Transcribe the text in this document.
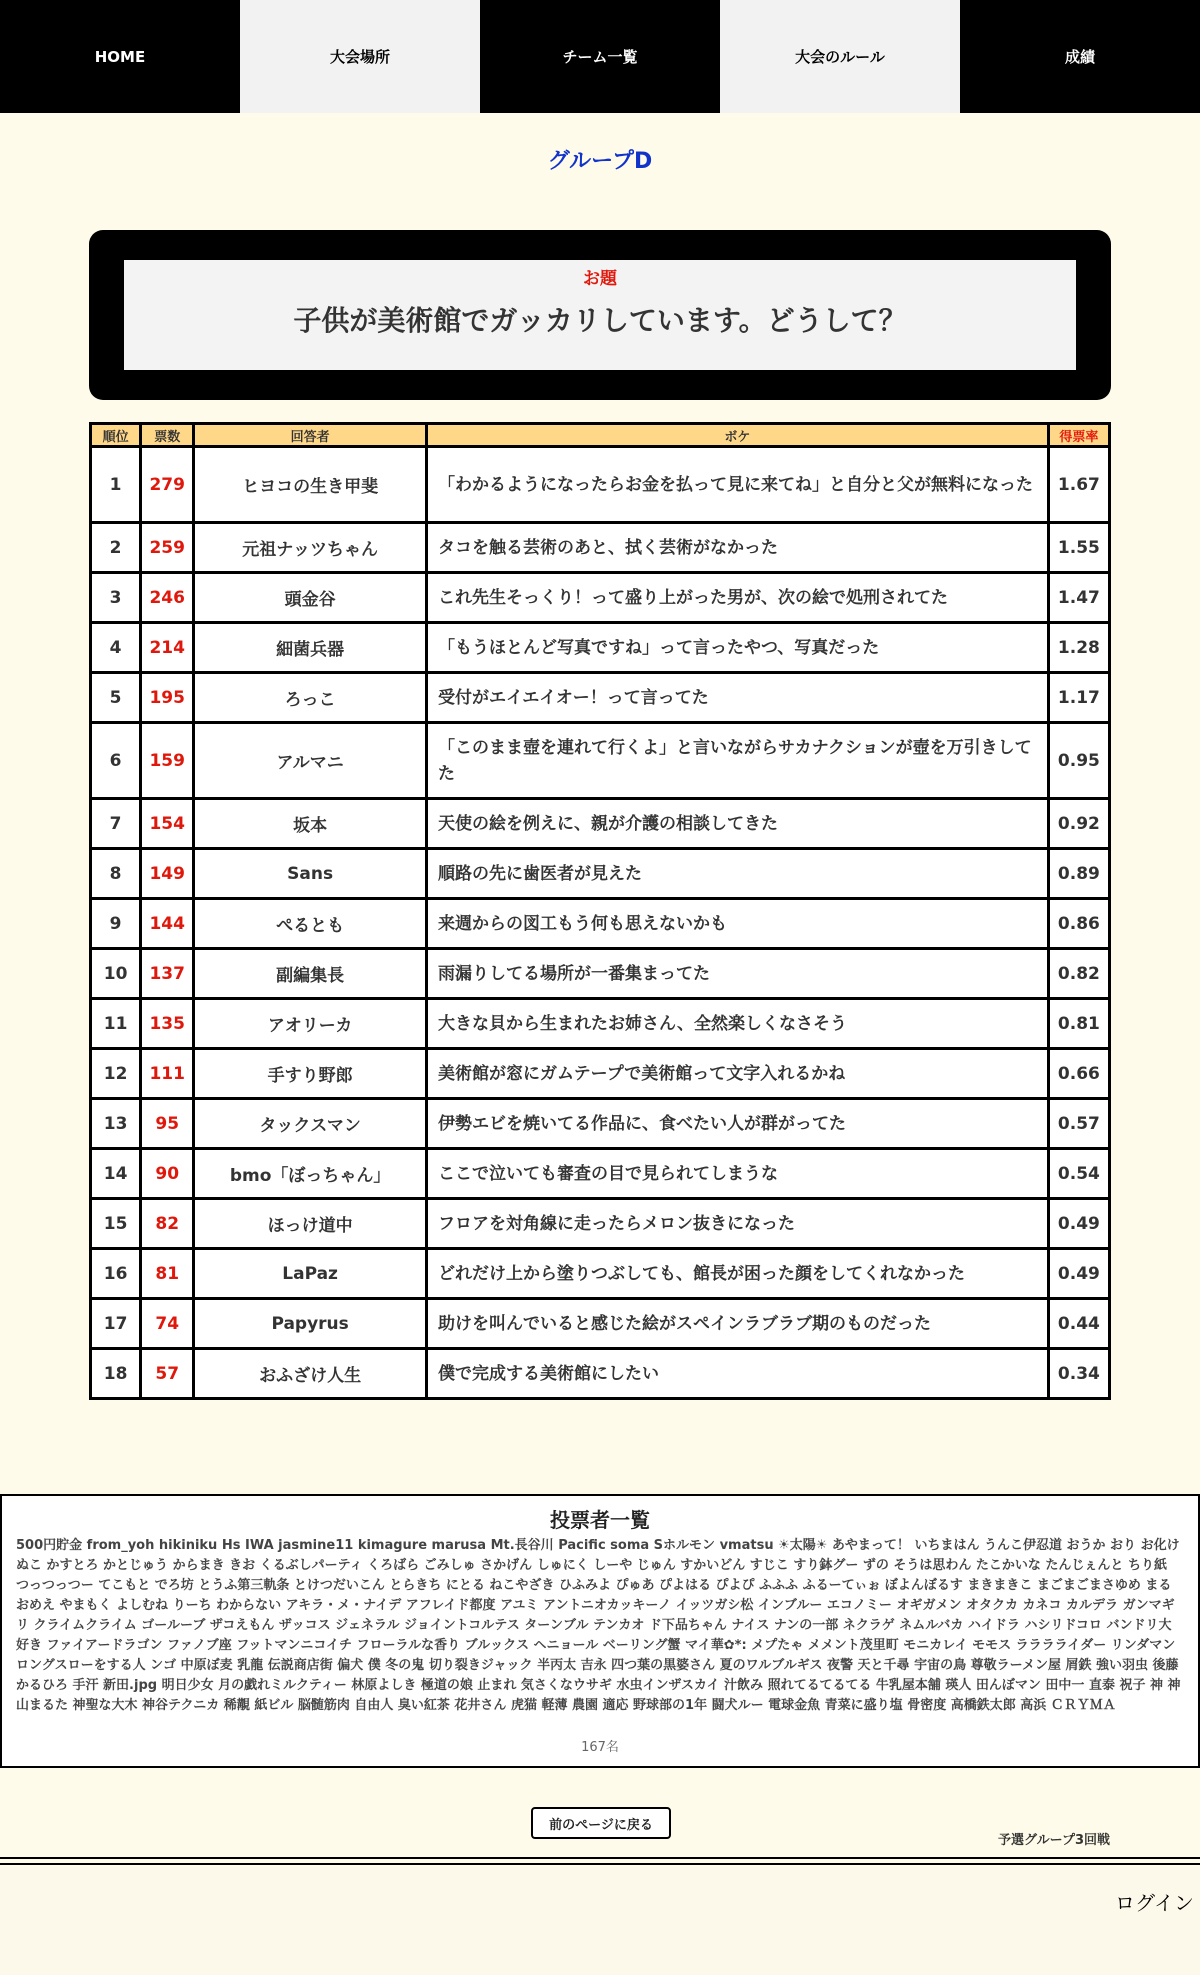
HOME	大会場所	チーム一覧	大会のルール	成績
グループD
お題
子供が美術館でガッカリしています。どうして？
順位	票数	回答者	ボケ	得票率
1	279	ヒヨコの生き甲斐	「わかるようになったらお金を払って見に来てね」と自分と父が無料になった	1.67
2	259	元祖ナッツちゃん	タコを触る芸術のあと、拭く芸術がなかった	1.55
3	246	頭金谷	これ先生そっくり！って盛り上がった男が、次の絵で処刑されてた	1.47
4	214	細菌兵器	「もうほとんど写真ですね」って言ったやつ、写真だった	1.28
5	195	ろっこ	受付がエイエイオー！って言ってた	1.17
6	159	アルマニ	「このまま壺を連れて行くよ」と言いながらサカナクションが壺を万引きしてた	0.95
7	154	坂本	天使の絵を例えに、親が介護の相談してきた	0.92
8	149	Sans	順路の先に歯医者が見えた	0.89
9	144	ぺるとも	来週からの図工もう何も思えないかも	0.86
10	137	副編集長	雨漏りしてる場所が一番集まってた	0.82
11	135	アオリーカ	大きな貝から生まれたお姉さん、全然楽しくなさそう	0.81
12	111	手すり野郎	美術館が窓にガムテープで美術館って文字入れるかね	0.66
13	95	タックスマン	伊勢エビを焼いてる作品に、食べたい人が群がってた	0.57
14	90	bmo「ぼっちゃん」	ここで泣いても審査の目で見られてしまうな	0.54
15	82	ほっけ道中	フロアを対角線に走ったらメロン抜きになった	0.49
16	81	LaPaz	どれだけ上から塗りつぶしても、館長が困った顔をしてくれなかった	0.49
17	74	Papyrus	助けを叫んでいると感じた絵がスペインラブラブ期のものだった	0.44
18	57	おふざけ人生	僕で完成する美術館にしたい	0.34
投票者一覧
500円貯金 from_yoh hikiniku Hs IWA jasmine11 kimagure marusa Mt.長谷川 Pacific soma Sホルモン vmatsu ☀太陽☀ あやまって！ いちまはん うんこ伊忍道 おうか おり お化けぬこ かすとろ かとじゅう からまき きお くるぶしパーティ くろばら ごみしゅ さかげん しゅにく しーや じゅん すかいどん すじこ すり鉢グー ずの そうは思わん たこかいな たんじぇんと ちり紙 つっつっつー てこもと でろ坊 とうふ第三軌条 とけつだいこん とらきち にとる ねこやざき ひふみよ ぴゅあ ぴよはる ぴよぴ ふふふ ふるーてぃぉ ぼよんぼるす まきまきこ まごまごまさゆめ まるおめえ やまもく よしむね りーち わからない アキラ・メ・ナイデ アフレイド都度 アユミ アントニオカッキーノ イッツガシ松 インブルー エコノミー オギガメン オタクカ カネコ カルデラ ガンマギリ クライムクライム ゴールーブ ザコえもん ザッコス ジェネラル ジョイントコルテス ターンブル テンカオ ド下品ちゃん ナイス ナンの一部 ネクラゲ ネムルバカ ハイドラ ハシリドコロ バンドリ大好き ファイアードラゴン ファノブ座 フットマンニコイチ フローラルな香り ブルックス ヘニョール ベーリング蟹 マイ華✿*: メプたゃ メメント茂里町 モニカレイ モモス ラララライダー リンダマン ロングスローをする人 ンゴ 中原ぼ麦 乳龍 伝説商店街 偏犬 僕 冬の鬼 切り裂きジャック 半丙太 吉永 四つ葉の黒婆さん 夏のワルブルギス 夜警 天と千尋 宇宙の鳥 尊敬ラーメン屋 屑鉄 強い羽虫 後藤かるひろ 手汗 新田.jpg 明日少女 月の戯れミルクティー 林原よしき 極道の娘 止まれ 気さくなウサギ 水虫インザスカイ 汁飲み 照れてるてるてる 牛乳屋本舗 瑛人 田んぼマン 田中一 直泰 祝子 神 神山まるた 神聖な大木 神谷テクニカ 稀覯 紙ビル 脳髄筋肉 自由人 臭い紅茶 花井さん 虎猫 軽薄 農園 適応 野球部の1年 闘犬ルー 電球金魚 青菜に盛り塩 骨密度 高橋鉄太郎 高浜 ＣＲＹＭＡ
167名
前のページに戻る
予選グループ3回戦
ログイン
